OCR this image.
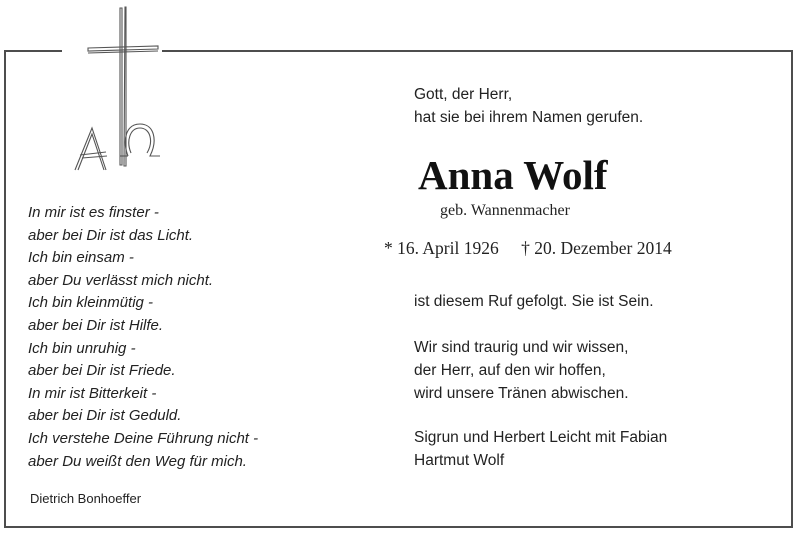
Gott, der Herr,
hat sie bei ihrem Namen gerufen.
Anna Wolf
geb. Wannenmacher
* 16. April 1926 † 20. Dezember 2014
ist diesem Ruf gefolgt. Sie ist Sein.
Wir sind traurig und wir wissen,
der Herr, auf den wir hoffen,
wird unsere Tränen abwischen.
Sigrun und Herbert Leicht mit Fabian
Hartmut Wolf
In mir ist es finster -
aber bei Dir ist das Licht.
Ich bin einsam -
aber Du verlässt mich nicht.
Ich bin kleinmütig -
aber bei Dir ist Hilfe.
Ich bin unruhig -
aber bei Dir ist Friede.
In mir ist Bitterkeit -
aber bei Dir ist Geduld.
Ich verstehe Deine Führung nicht -
aber Du weißt den Weg für mich.
Dietrich Bonhoeffer
